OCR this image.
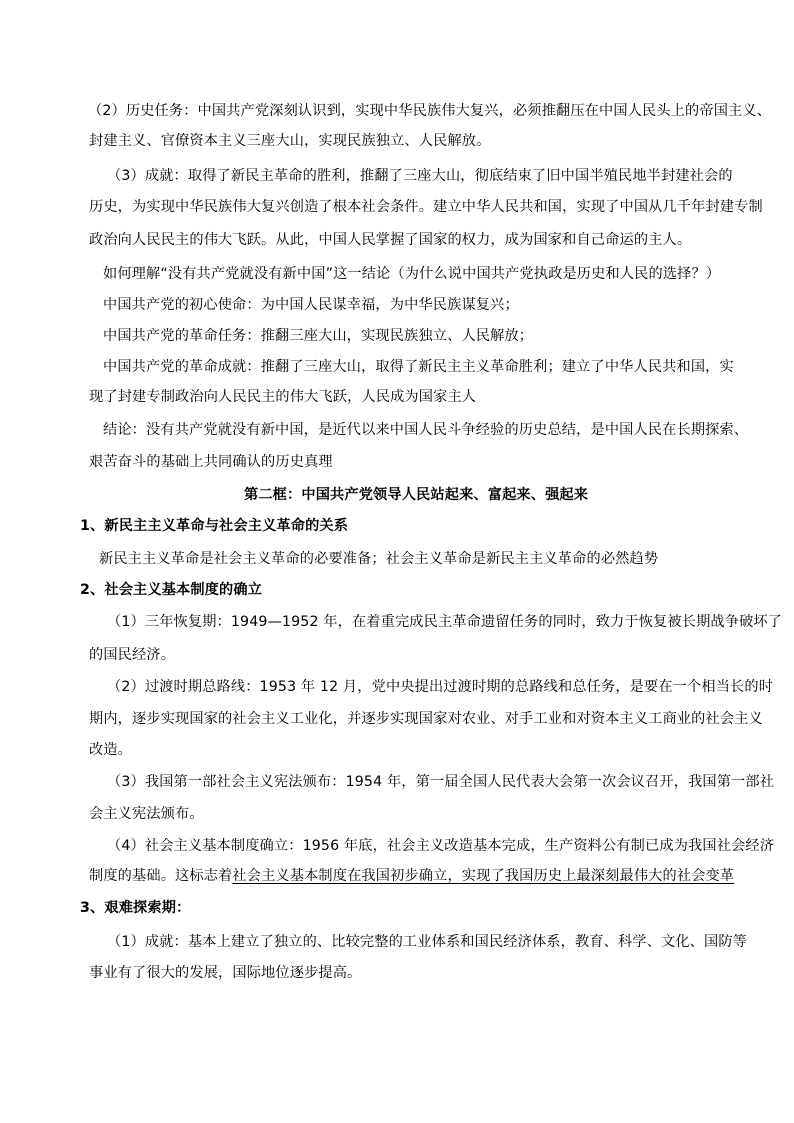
（2）历史任务：中国共产党深刻认识到，实现中华民族伟大复兴，必须推翻压在中国人民头上的帝国主义、
封建主义、官僚资本主义三座大山，实现民族独立、人民解放。
（3）成就：取得了新民主革命的胜利，推翻了三座大山，彻底结束了旧中国半殖民地半封建社会的
历史，为实现中华民族伟大复兴创造了根本社会条件。建立中华人民共和国，实现了中国从几千年封建专制
政治向人民民主的伟大飞跃。从此，中国人民掌握了国家的权力，成为国家和自己命运的主人。
如何理解“没有共产党就没有新中国”这一结论（为什么说中国共产党执政是历史和人民的选择？）
中国共产党的初心使命：为中国人民谋幸福，为中华民族谋复兴；
中国共产党的革命任务：推翻三座大山，实现民族独立、人民解放；
中国共产党的革命成就：推翻了三座大山，取得了新民主主义革命胜利；建立了中华人民共和国，实
现了封建专制政治向人民民主的伟大飞跃，人民成为国家主人
结论：没有共产党就没有新中国，是近代以来中国人民斗争经验的历史总结，是中国人民在长期探索、
艰苦奋斗的基础上共同确认的历史真理
第二框：中国共产党领导人民站起来、富起来、强起来
1、新民主主义革命与社会主义革命的关系
新民主主义革命是社会主义革命的必要准备；社会主义革命是新民主主义革命的必然趋势
2、社会主义基本制度的确立
（1）三年恢复期：1949—1952 年，在着重完成民主革命遗留任务的同时，致力于恢复被长期战争破坏了
的国民经济。
（2）过渡时期总路线：1953 年 12 月，党中央提出过渡时期的总路线和总任务，是要在一个相当长的时
期内，逐步实现国家的社会主义工业化，并逐步实现国家对农业、对手工业和对资本主义工商业的社会主义
改造。
（3）我国第一部社会主义宪法颁布：1954 年，第一届全国人民代表大会第一次会议召开，我国第一部社
会主义宪法颁布。
（4）社会主义基本制度确立：1956 年底，社会主义改造基本完成，生产资料公有制已成为我国社会经济
制度的基础。这标志着社会主义基本制度在我国初步确立，实现了我国历史上最深刻最伟大的社会变革
3、艰难探索期：
（1）成就：基本上建立了独立的、比较完整的工业体系和国民经济体系，教育、科学、文化、国防等
事业有了很大的发展，国际地位逐步提高。
